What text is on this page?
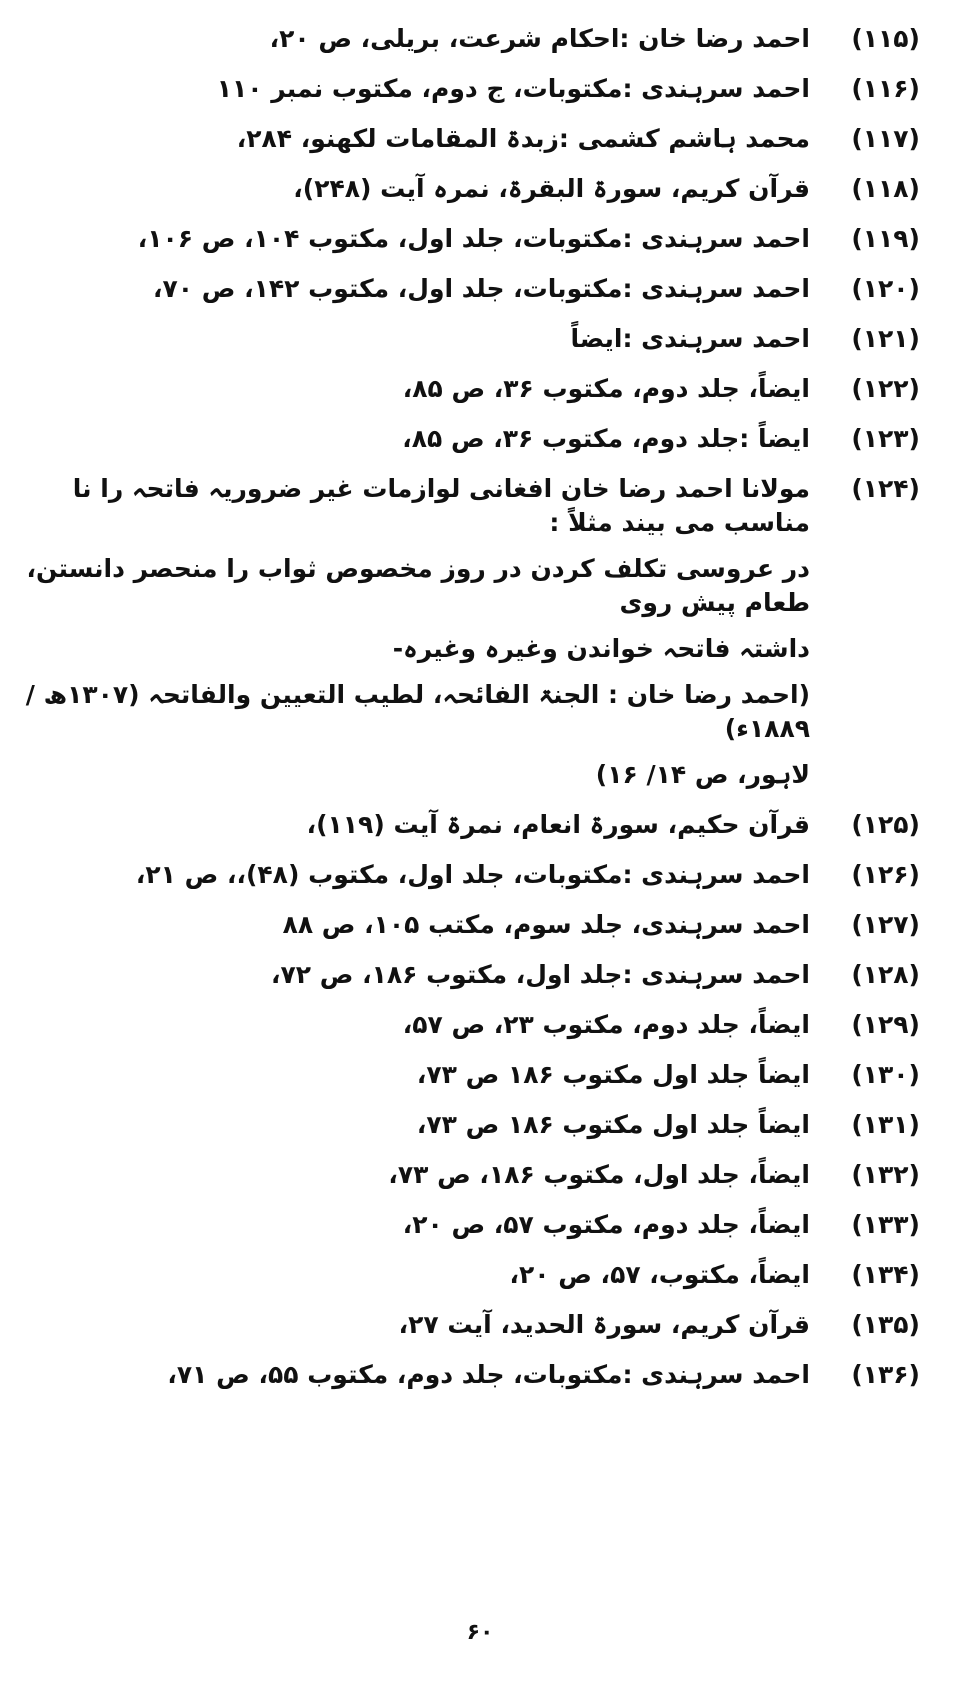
(۱۱۵)
احمد رضا خان :احکام شرعت، بریلی، ص ۲۰،
(۱۱۶)
احمد سرہندی :مکتوبات، ج دوم، مکتوب نمبر ۱۱۰
(۱۱۷)
محمد ہاشم کشمی :زبدۃ المقامات لکھنو، ۲۸۴،
(۱۱۸)
قرآن کریم، سورۃ البقرۃ، نمرہ آیت (۲۴۸)،
(۱۱۹)
احمد سرہندی :مکتوبات، جلد اول، مکتوب ۱۰۴، ص ۱۰۶،
(۱۲۰)
احمد سرہندی :مکتوبات، جلد اول، مکتوب ۱۴۲، ص ۷۰،
(۱۲۱)
احمد سرہندی :ایضاً
(۱۲۲)
ایضاً، جلد دوم، مکتوب ۳۶، ص ۸۵،
(۱۲۳)
ایضاً :جلد دوم، مکتوب ۳۶، ص ۸۵،
(۱۲۴)
مولانا احمد رضا خان افغانی لوازمات غیر ضروریہ فاتحہ را نا مناسب می بیند مثلاً :
در عروسی تکلف کردن در روز مخصوص ثواب را منحصر دانستن، طعام پیش روی
داشتہ فاتحہ خواندن وغیرہ وغیرہ-
(احمد رضا خان : الجنۃ الفائحہ، لطیب التعیین والفاتحہ (۱۳۰۷ھ /۱۸۸۹ء)
لاہور، ص ۱۴/ ۱۶)
(۱۲۵)
قرآن حکیم، سورۃ انعام، نمرۃ آیت (۱۱۹)،
(۱۲۶)
احمد سرہندی :مکتوبات، جلد اول، مکتوب (۴۸)،، ص ۲۱،
(۱۲۷)
احمد سرہندی، جلد سوم، مکتب ۱۰۵، ص ۸۸
(۱۲۸)
احمد سرہندی :جلد اول، مکتوب ۱۸۶، ص ۷۲،
(۱۲۹)
ایضاً، جلد دوم، مکتوب ۲۳، ص ۵۷،
(۱۳۰)
ایضاً جلد اول مکتوب ۱۸۶ ص ۷۳،
(۱۳۱)
ایضاً جلد اول مکتوب ۱۸۶ ص ۷۳،
(۱۳۲)
ایضاً، جلد اول، مکتوب ۱۸۶، ص ۷۳،
(۱۳۳)
ایضاً، جلد دوم، مکتوب ۵۷، ص ۲۰،
(۱۳۴)
ایضاً، مکتوب، ۵۷، ص ۲۰،
(۱۳۵)
قرآن کریم، سورۃ الحدید، آیت ۲۷،
(۱۳۶)
احمد سرہندی :مکتوبات، جلد دوم، مکتوب ۵۵، ص ۷۱،
۶۰
